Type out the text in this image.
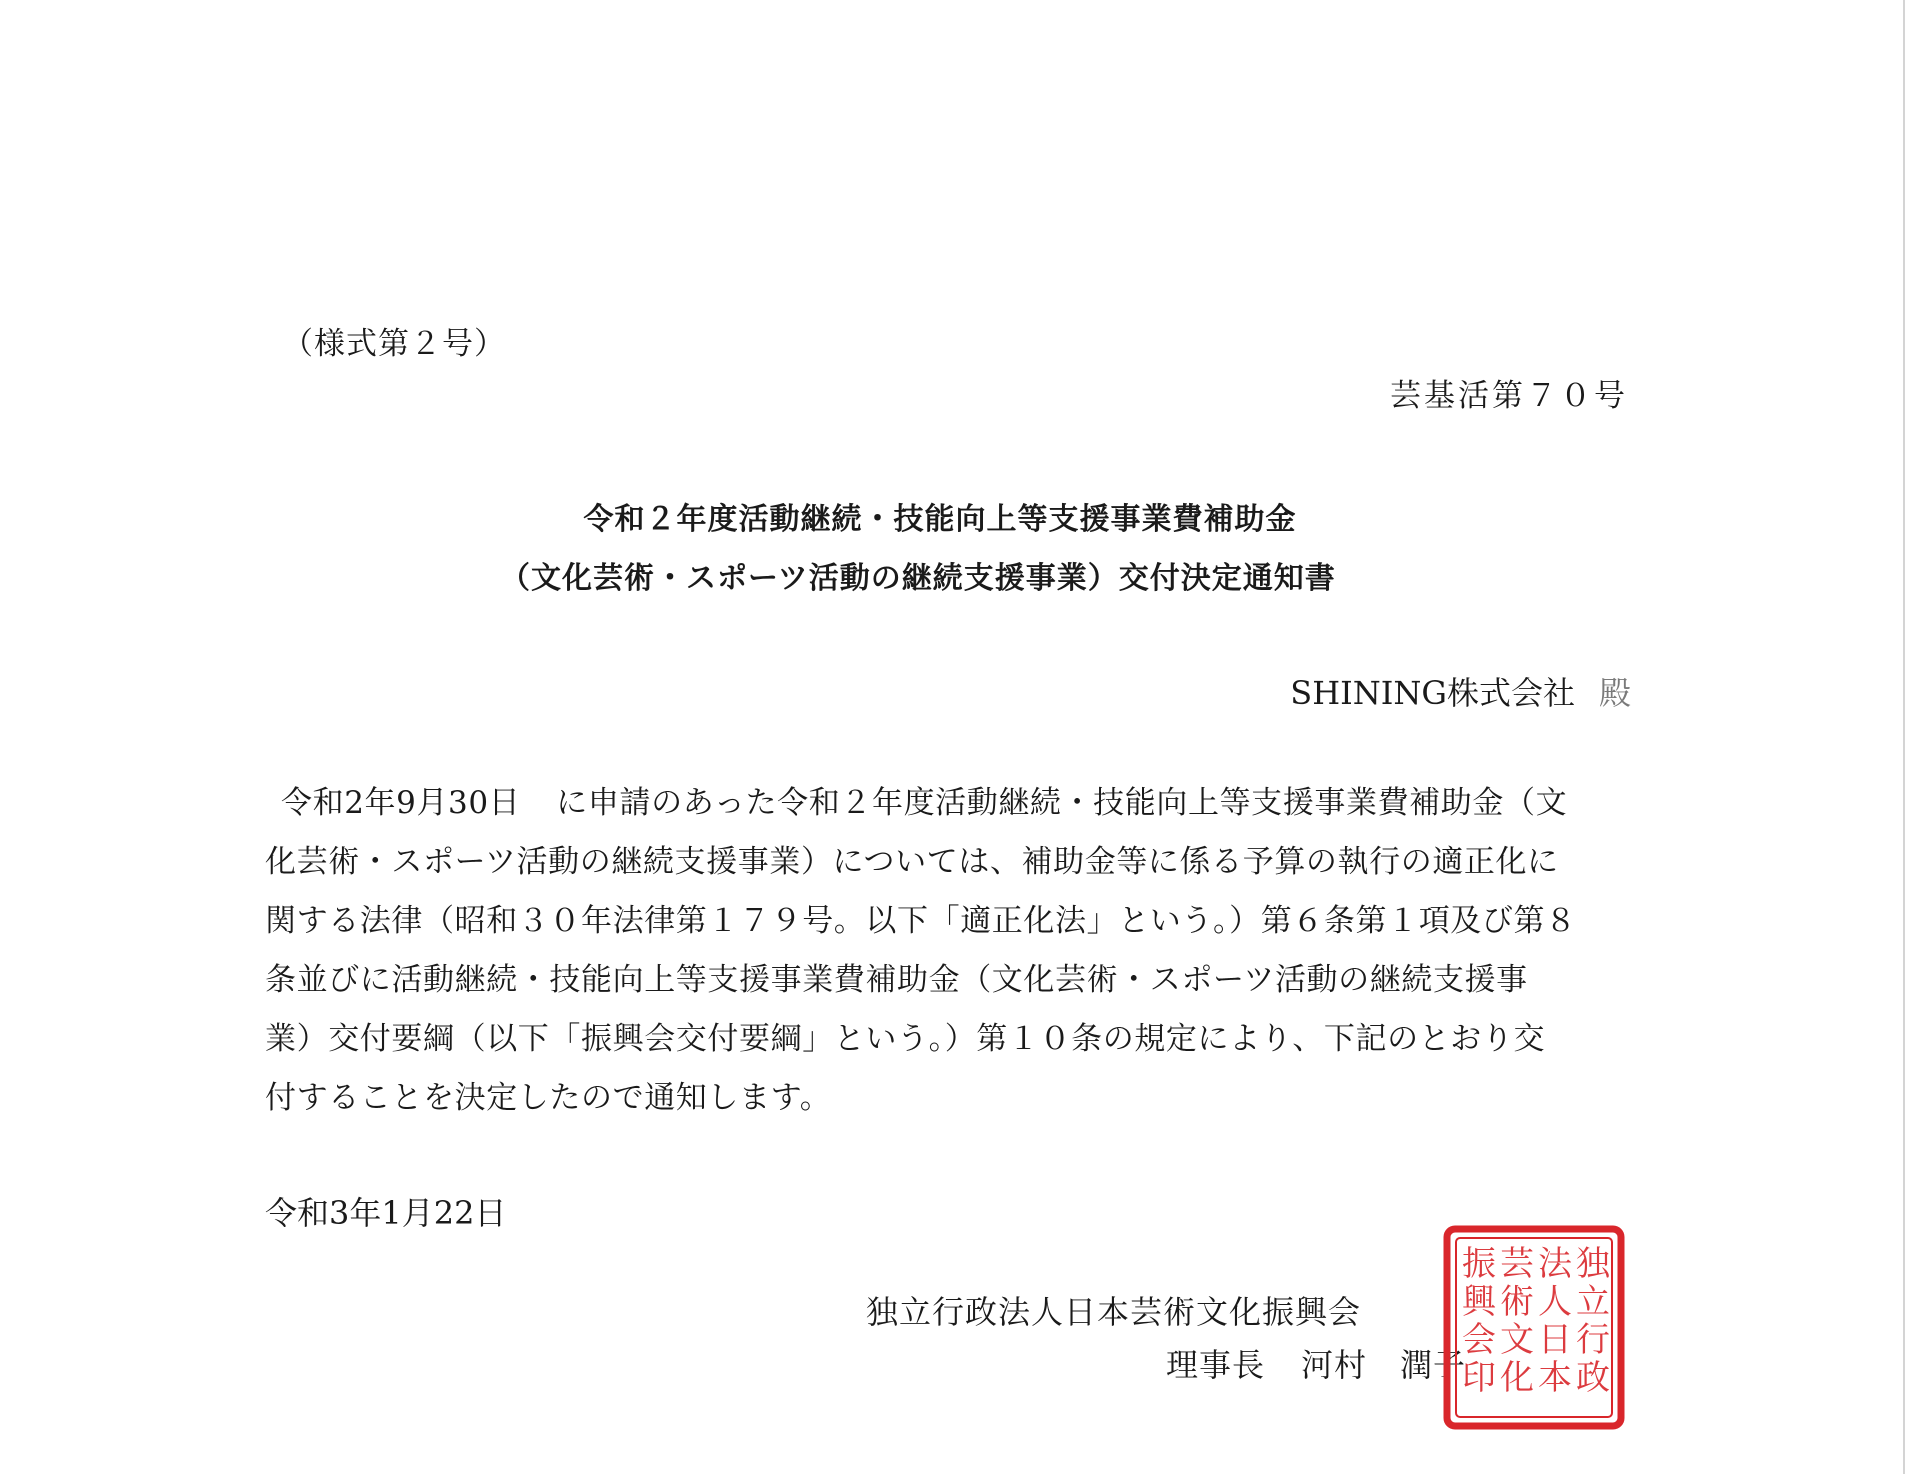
（様式第２号）
芸基活第７０号
令和２年度活動継続・技能向上等支援事業費補助金
（文化芸術・スポーツ活動の継続支援事業）交付決定通知書
SHINING株式会社 殿

令和2年9月30日 に申請のあった令和２年度活動継続・技能向上等支援事業費補助金（文
化芸術・スポーツ活動の継続支援事業）については、補助金等に係る予算の執行の適正化に
関する法律（昭和３０年法律第１７９号。以下「適正化法」という。）第６条第１項及び第８
条並びに活動継続・技能向上等支援事業費補助金（文化芸術・スポーツ活動の継続支援事
業）交付要綱（以下「振興会交付要綱」という。）第１０条の規定により、下記のとおり交
付することを決定したので通知します。

令和3年1月22日
独立行政法人日本芸術文化振興会
理事長 河村　潤子
独
立
行
政
法
人
日
本
芸
術
文
化
振
興
会
印
